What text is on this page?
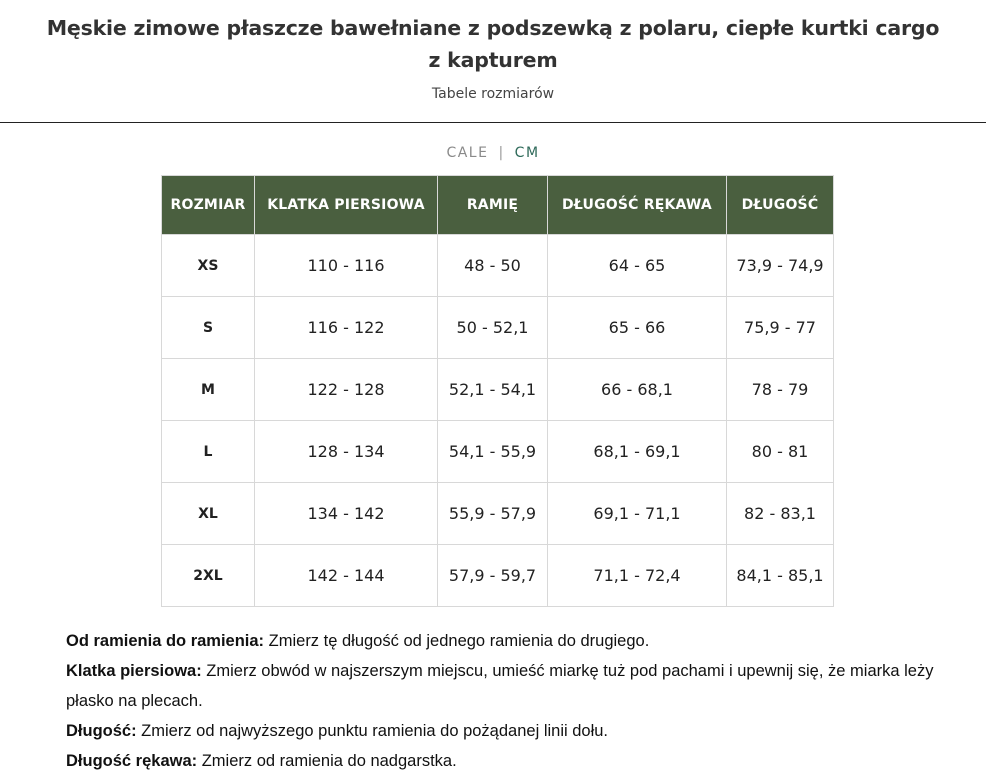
Męskie zimowe płaszcze bawełniane z podszewką z polaru, ciepłe kurtki cargo z kapturem
Tabele rozmiarów
CALE | CM
ROZMIAR	KLATKA PIERSIOWA	RAMIĘ	DŁUGOŚĆ RĘKAWA	DŁUGOŚĆ
XS	110 - 116	48 - 50	64 - 65	73,9 - 74,9
S	116 - 122	50 - 52,1	65 - 66	75,9 - 77
M	122 - 128	52,1 - 54,1	66 - 68,1	78 - 79
L	128 - 134	54,1 - 55,9	68,1 - 69,1	80 - 81
XL	134 - 142	55,9 - 57,9	69,1 - 71,1	82 - 83,1
2XL	142 - 144	57,9 - 59,7	71,1 - 72,4	84,1 - 85,1

Od ramienia do ramienia: Zmierz tę długość od jednego ramienia do drugiego.

Klatka piersiowa: Zmierz obwód w najszerszym miejscu, umieść miarkę tuż pod pachami i upewnij się, że miarka leży płasko na plecach.

Długość: Zmierz od najwyższego punktu ramienia do pożądanej linii dołu.

Długość rękawa: Zmierz od ramienia do nadgarstka.
